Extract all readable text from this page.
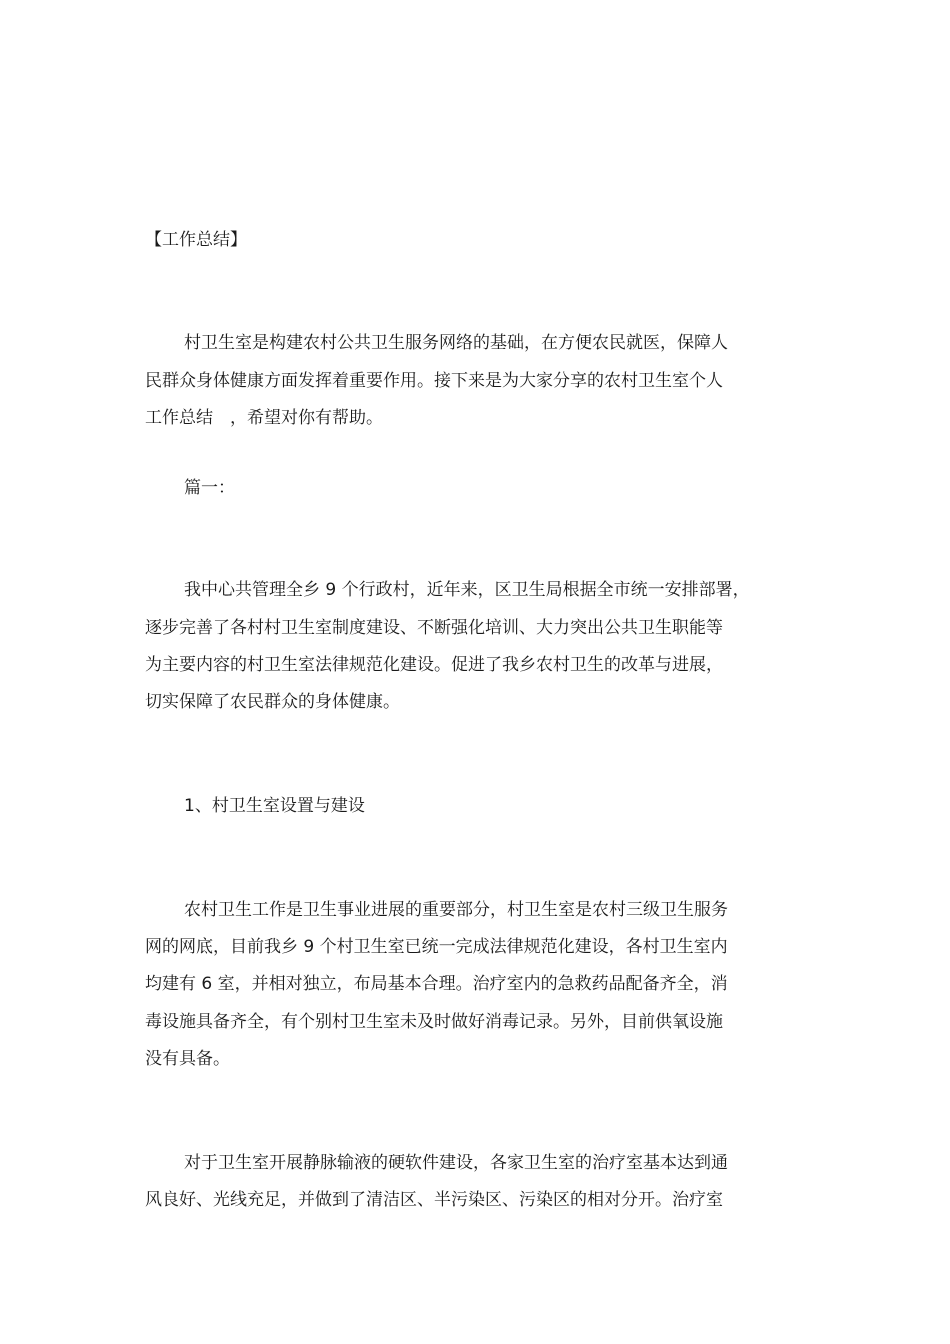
【工作总结】

村卫生室是构建农村公共卫生服务网络的基础，在方便农民就医，保障人

民群众身体健康方面发挥着重要作用。接下来是为大家分享的农村卫生室个人

工作总结　，希望对你有帮助。

篇一：

我中心共管理全乡 9 个行政村，近年来，区卫生局根据全市统一安排部署，

逐步完善了各村村卫生室制度建设、不断强化培训、大力突出公共卫生职能等

为主要内容的村卫生室法律规范化建设。促进了我乡农村卫生的改革与进展，

切实保障了农民群众的身体健康。

1、村卫生室设置与建设

农村卫生工作是卫生事业进展的重要部分，村卫生室是农村三级卫生服务

网的网底，目前我乡 9 个村卫生室已统一完成法律规范化建设，各村卫生室内

均建有 6 室，并相对独立，布局基本合理。治疗室内的急救药品配备齐全，消

毒设施具备齐全，有个别村卫生室未及时做好消毒记录。另外，目前供氧设施

没有具备。

对于卫生室开展静脉输液的硬软件建设，各家卫生室的治疗室基本达到通

风良好、光线充足，并做到了清洁区、半污染区、污染区的相对分开。治疗室
